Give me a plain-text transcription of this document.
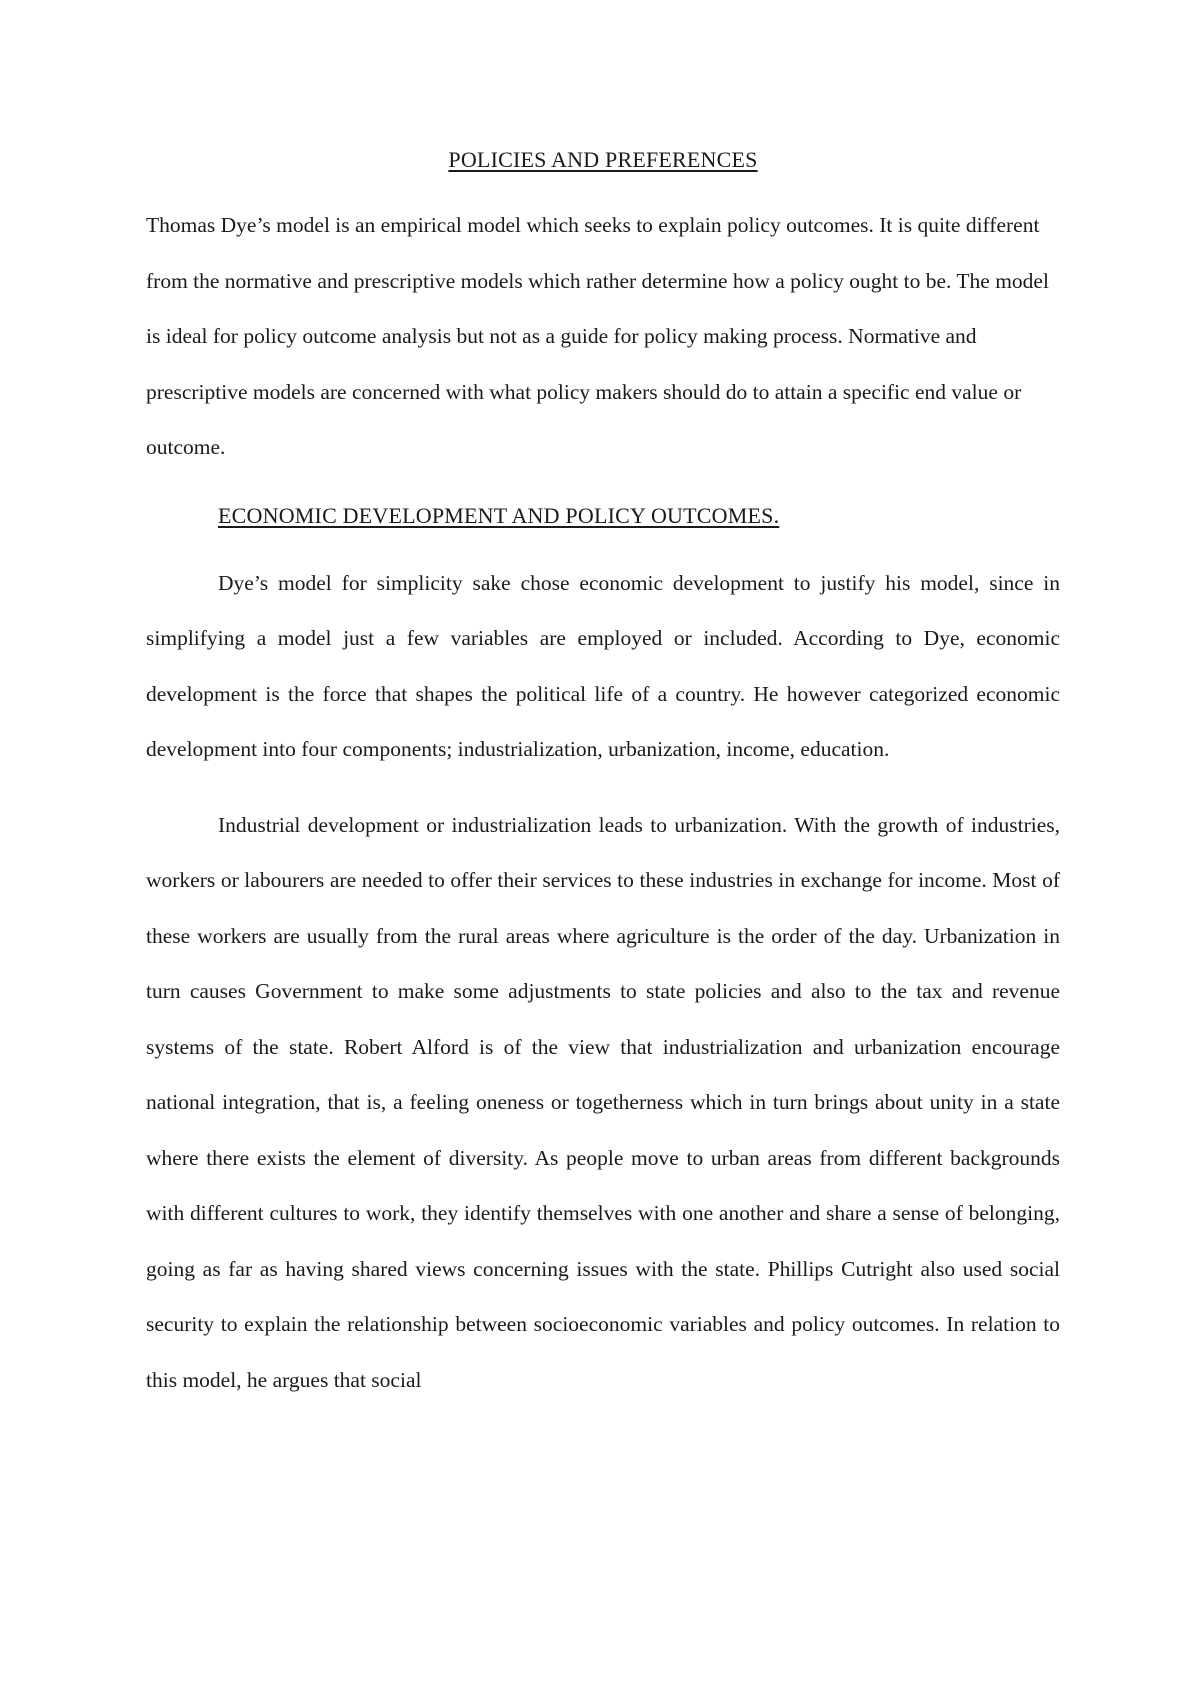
POLICIES AND PREFERENCES

Thomas Dye’s model is an empirical model which seeks to explain policy outcomes. It is quite different from the normative and prescriptive models which rather determine how a policy ought to be. The model is ideal for policy outcome analysis but not as a guide for policy making process. Normative and prescriptive models are concerned with what policy makers should do to attain a specific end value or outcome.

ECONOMIC DEVELOPMENT AND POLICY OUTCOMES.

Dye’s model for simplicity sake chose economic development to justify his model, since in simplifying a model just a few variables are employed or included. According to Dye, economic development is the force that shapes the political life of a country. He however categorized economic development into four components; industrialization, urbanization, income, education.

Industrial development or industrialization leads to urbanization. With the growth of industries, workers or labourers are needed to offer their services to these industries in exchange for income. Most of these workers are usually from the rural areas where agriculture is the order of the day. Urbanization in turn causes Government to make some adjustments to state policies and also to the tax and revenue systems of the state. Robert Alford is of the view that industrialization and urbanization encourage national integration, that is, a feeling oneness or togetherness which in turn brings about unity in a state where there exists the element of diversity. As people move to urban areas from different backgrounds with different cultures to work, they identify themselves with one another and share a sense of belonging, going as far as having shared views concerning issues with the state. Phillips Cutright also used social security to explain the relationship between socioeconomic variables and policy outcomes. In relation to this model, he argues that social
